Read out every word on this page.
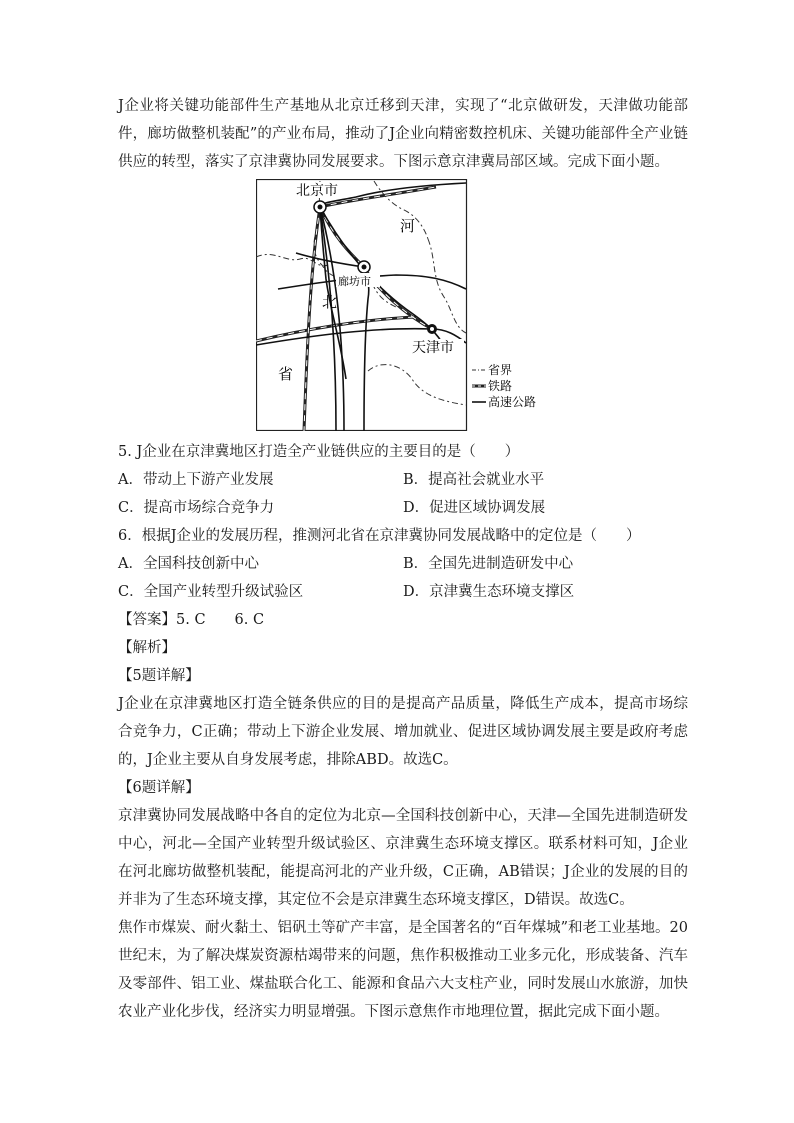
J企业将关键功能部件生产基地从北京迁移到天津，实现了“北京做研发，天津做功能部件，廊坊做整机装配”的产业布局，推动了J企业向精密数控机床、关键功能部件全产业链供应的转型，落实了京津冀协同发展要求。下图示意京津冀局部区域。完成下面小题。

北京市
廊坊市
天津市
河
北
省	省界
铁路
高速公路

5. J企业在京津冀地区打造全产业链供应的主要目的是（　　）

A．带动上下游产业发展	B．提高社会就业水平
C．提高市场综合竞争力	D．促进区域协调发展

6．根据J企业的发展历程，推测河北省在京津冀协同发展战略中的定位是（　　）

A．全国科技创新中心	B．全国先进制造研发中心
C．全国产业转型升级试验区	D．京津冀生态环境支撑区

【答案】5. C　　6. C

【解析】

【5题详解】

J企业在京津冀地区打造全链条供应的目的是提高产品质量，降低生产成本，提高市场综合竞争力，C正确；带动上下游企业发展、增加就业、促进区域协调发展主要是政府考虑的，J企业主要从自身发展考虑，排除ABD。故选C。

【6题详解】

京津冀协同发展战略中各自的定位为北京—全国科技创新中心，天津—全国先进制造研发中心，河北—全国产业转型升级试验区、京津冀生态环境支撑区。联系材料可知，J企业在河北廊坊做整机装配，能提高河北的产业升级，C正确，AB错误；J企业的发展的目的并非为了生态环境支撑，其定位不会是京津冀生态环境支撑区，D错误。故选C。

焦作市煤炭、耐火黏土、铝矾土等矿产丰富，是全国著名的“百年煤城”和老工业基地。20世纪末，为了解决煤炭资源枯竭带来的问题，焦作积极推动工业多元化，形成装备、汽车及零部件、铝工业、煤盐联合化工、能源和食品六大支柱产业，同时发展山水旅游，加快农业产业化步伐，经济实力明显增强。下图示意焦作市地理位置，据此完成下面小题。
